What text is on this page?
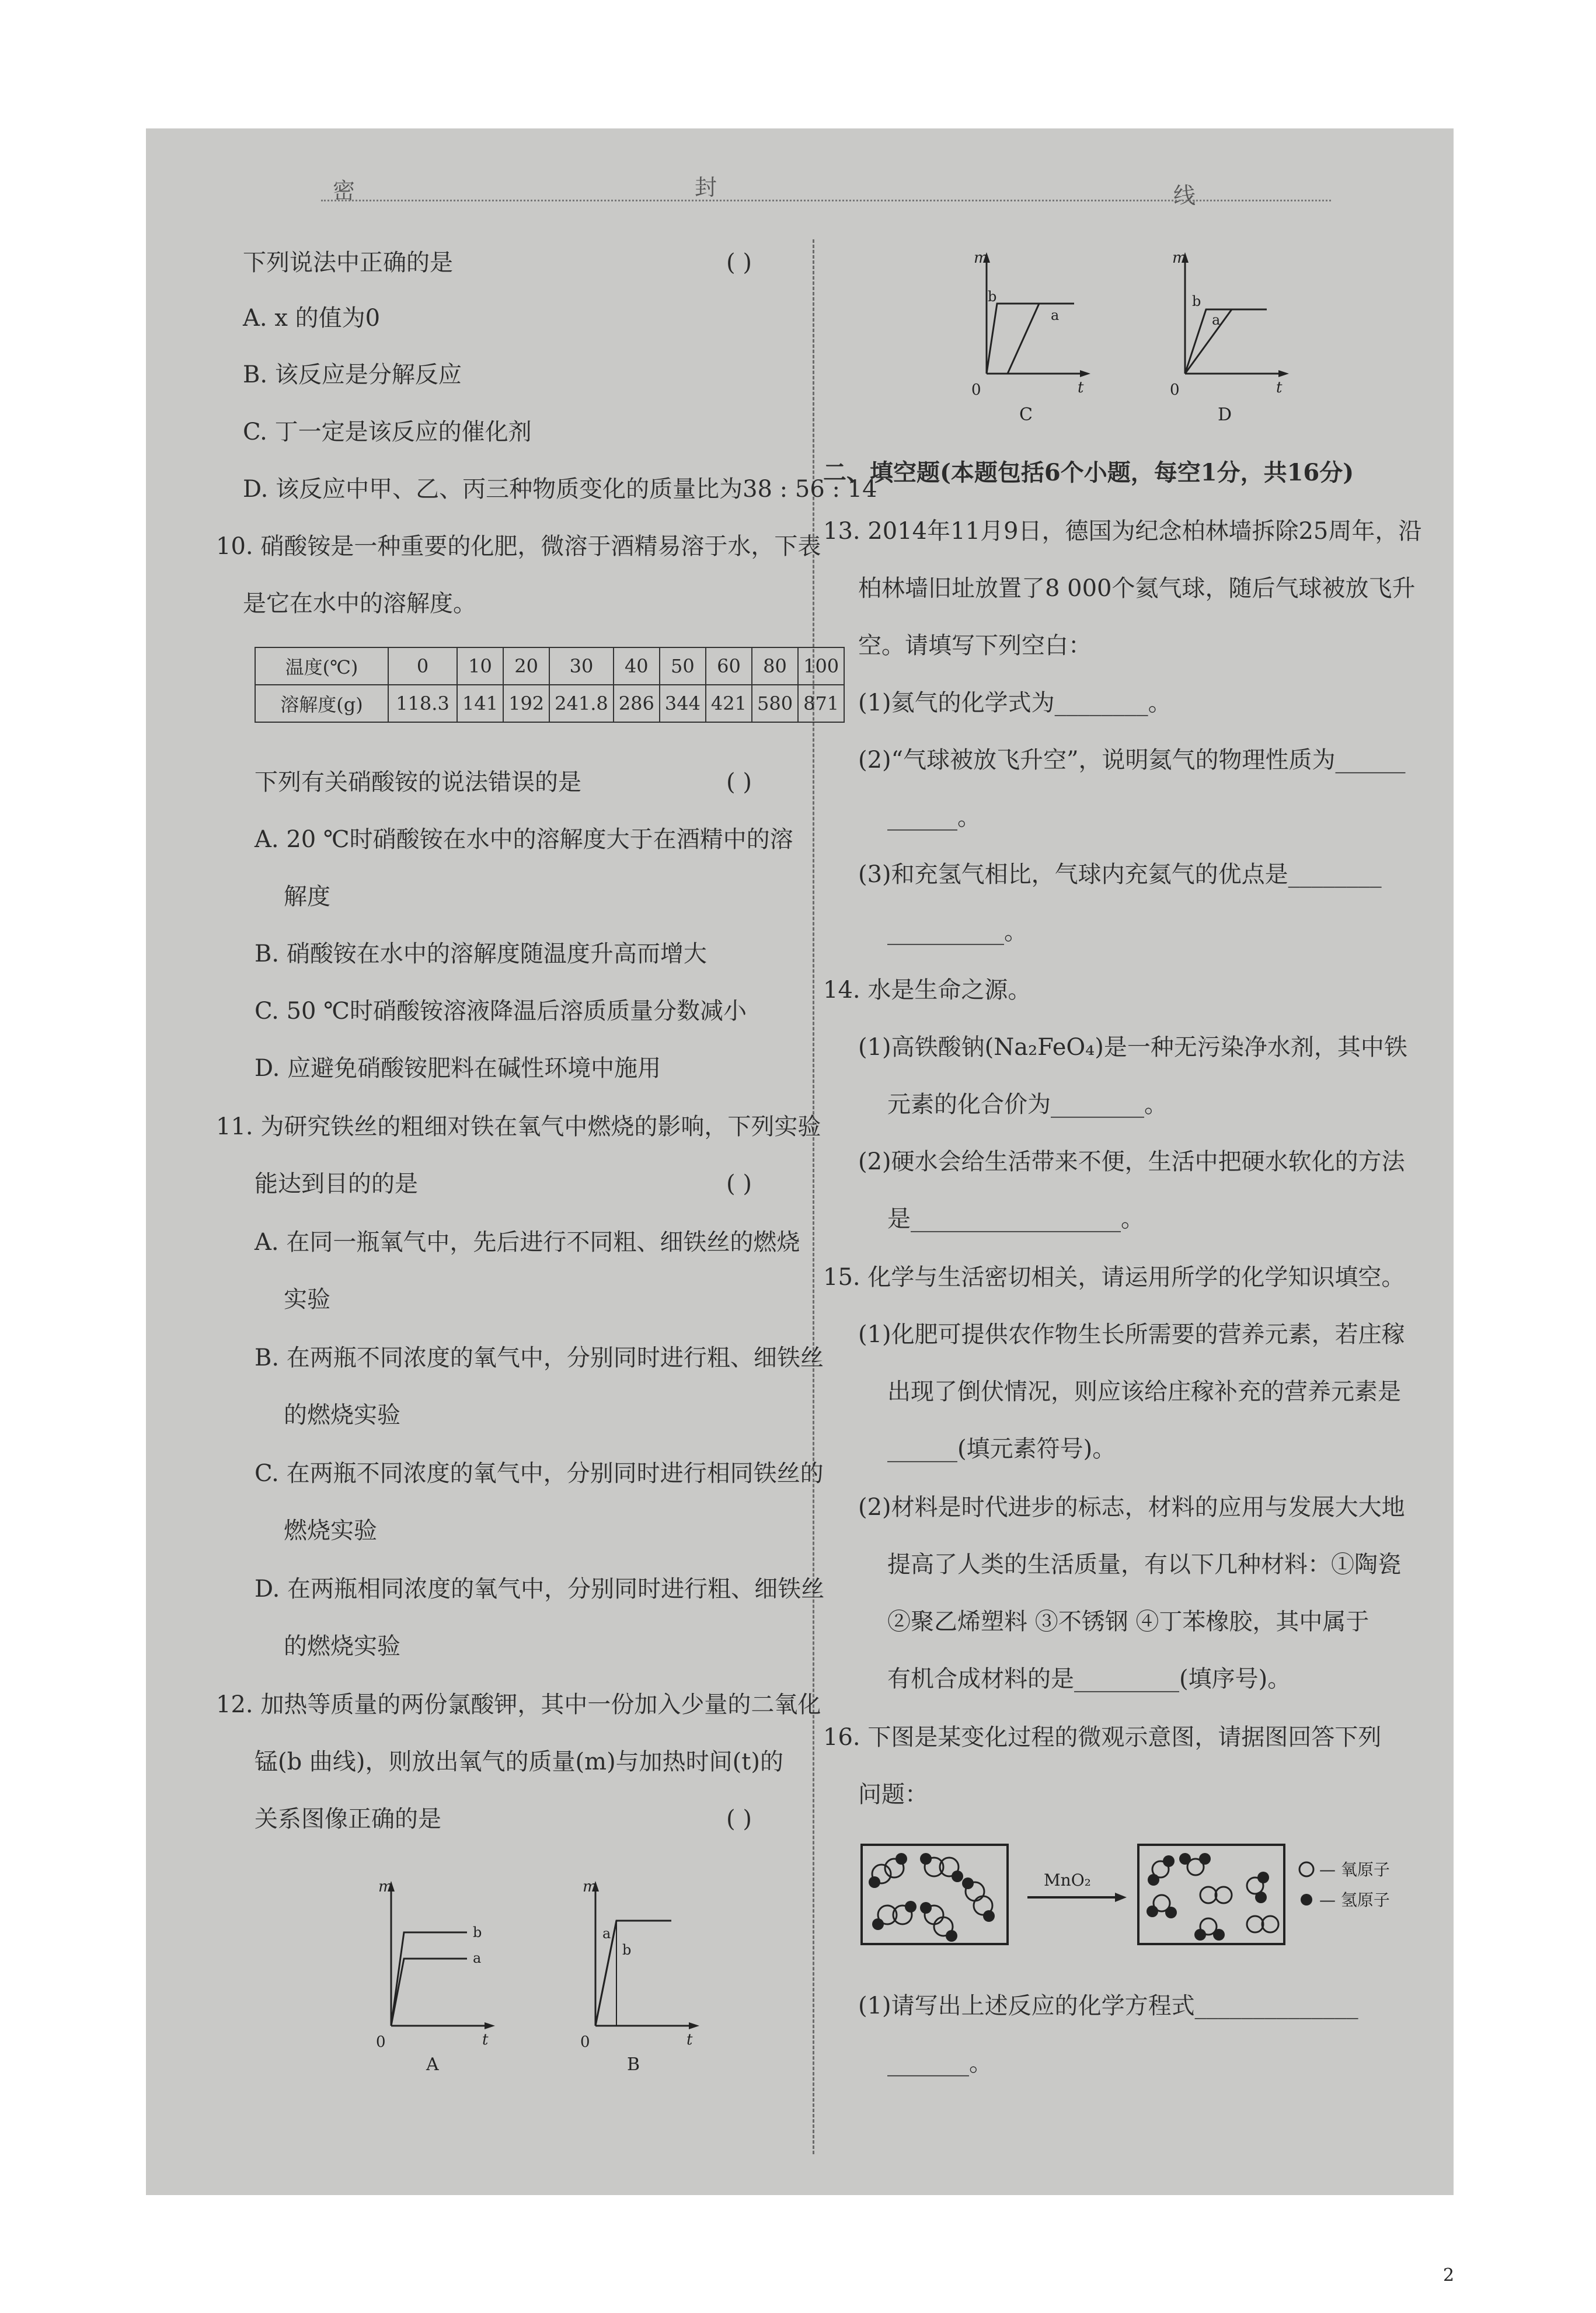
密	封	线
下列说法中正确的是	( )
A. x 的值为0
B. 该反应是分解反应
C. 丁一定是该反应的催化剂
D. 该反应中甲、乙、丙三种物质变化的质量比为38 : 56 : 14
10. 硝酸铵是一种重要的化肥，微溶于酒精易溶于水，下表
是它在水中的溶解度。
温度(℃)	0	10	20	30	40	50	60	80	100
溶解度(g)	118.3	141	192	241.8	286	344	421	580	871
下列有关硝酸铵的说法错误的是	( )
A. 20 ℃时硝酸铵在水中的溶解度大于在酒精中的溶
解度
B. 硝酸铵在水中的溶解度随温度升高而增大
C. 50 ℃时硝酸铵溶液降温后溶质质量分数减小
D. 应避免硝酸铵肥料在碱性环境中施用
11. 为研究铁丝的粗细对铁在氧气中燃烧的影响，下列实验
能达到目的的是	( )
A. 在同一瓶氧气中，先后进行不同粗、细铁丝的燃烧
实验
B. 在两瓶不同浓度的氧气中，分别同时进行粗、细铁丝
的燃烧实验
C. 在两瓶不同浓度的氧气中，分别同时进行相同铁丝的
燃烧实验
D. 在两瓶相同浓度的氧气中，分别同时进行粗、细铁丝
的燃烧实验
12. 加热等质量的两份氯酸钾，其中一份加入少量的二氧化
锰(b 曲线)，则放出氧气的质量(m)与加热时间(t)的
关系图像正确的是	( )
m
t
0
b
a
A
m
t
0
a
b
B
m
t
0
b
a
C
m
t
0
b
a
D
二、填空题(本题包括6个小题，每空1分，共16分)
13. 2014年11月9日，德国为纪念柏林墙拆除25周年，沿
柏林墙旧址放置了8 000个氦气球，随后气球被放飞升
空。请填写下列空白：
(1)氦气的化学式为________。
(2)“气球被放飞升空”，说明氦气的物理性质为______
______。
(3)和充氢气相比，气球内充氦气的优点是________
__________。
14. 水是生命之源。
(1)高铁酸钠(Na₂FeO₄)是一种无污染净水剂，其中铁
元素的化合价为________。
(2)硬水会给生活带来不便，生活中把硬水软化的方法
是__________________。
15. 化学与生活密切相关，请运用所学的化学知识填空。
(1)化肥可提供农作物生长所需要的营养元素，若庄稼
出现了倒伏情况，则应该给庄稼补充的营养元素是
______(填元素符号)。
(2)材料是时代进步的标志，材料的应用与发展大大地
提高了人类的生活质量，有以下几种材料：①陶瓷
②聚乙烯塑料 ③不锈钢 ④丁苯橡胶，其中属于
有机合成材料的是_________(填序号)。
16. 下图是某变化过程的微观示意图，请据图回答下列
问题：
MnO₂
— 氧原子
— 氢原子
(1)请写出上述反应的化学方程式______________
_______。
2
